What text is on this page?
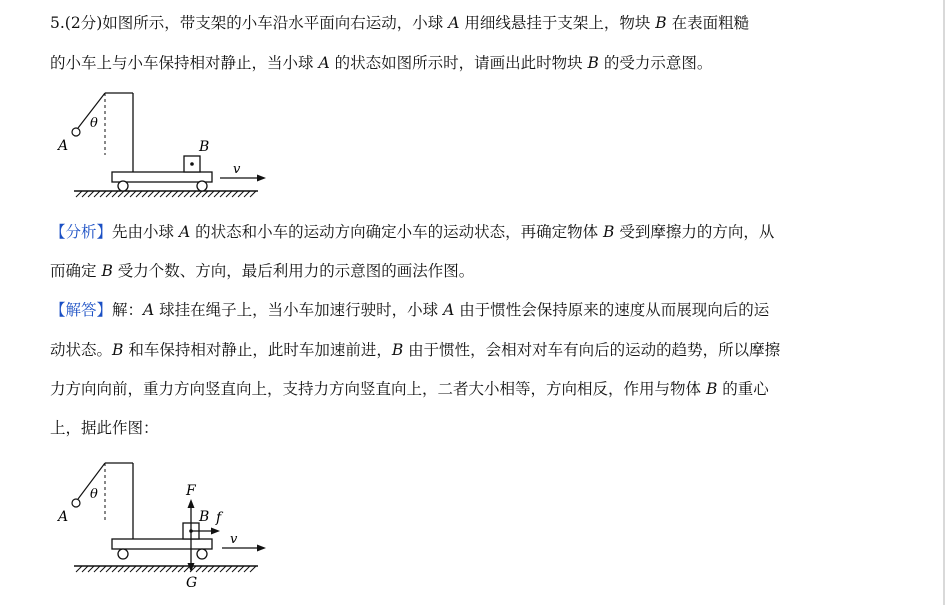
5.(2分)如图所示，带支架的小车沿水平面向右运动，小球 A 用细线悬挂于支架上，物块 B 在表面粗糙
的小车上与小车保持相对静止，当小球 A 的状态如图所示时，请画出此时物块 B 的受力示意图。
A
θ
B
v
【分析】先由小球 A 的状态和小车的运动方向确定小车的运动状态，再确定物体 B 受到摩擦力的方向，从
而确定 B 受力个数、方向，最后利用力的示意图的画法作图。
【解答】解：A 球挂在绳子上，当小车加速行驶时，小球 A 由于惯性会保持原来的速度从而展现向后的运
动状态。B 和车保持相对静止，此时车加速前进，B 由于惯性，会相对对车有向后的运动的趋势，所以摩擦
力方向向前，重力方向竖直向上，支持力方向竖直向上，二者大小相等，方向相反，作用与物体 B 的重心
上，据此作图：
A
θ	F
G
f
B
v
